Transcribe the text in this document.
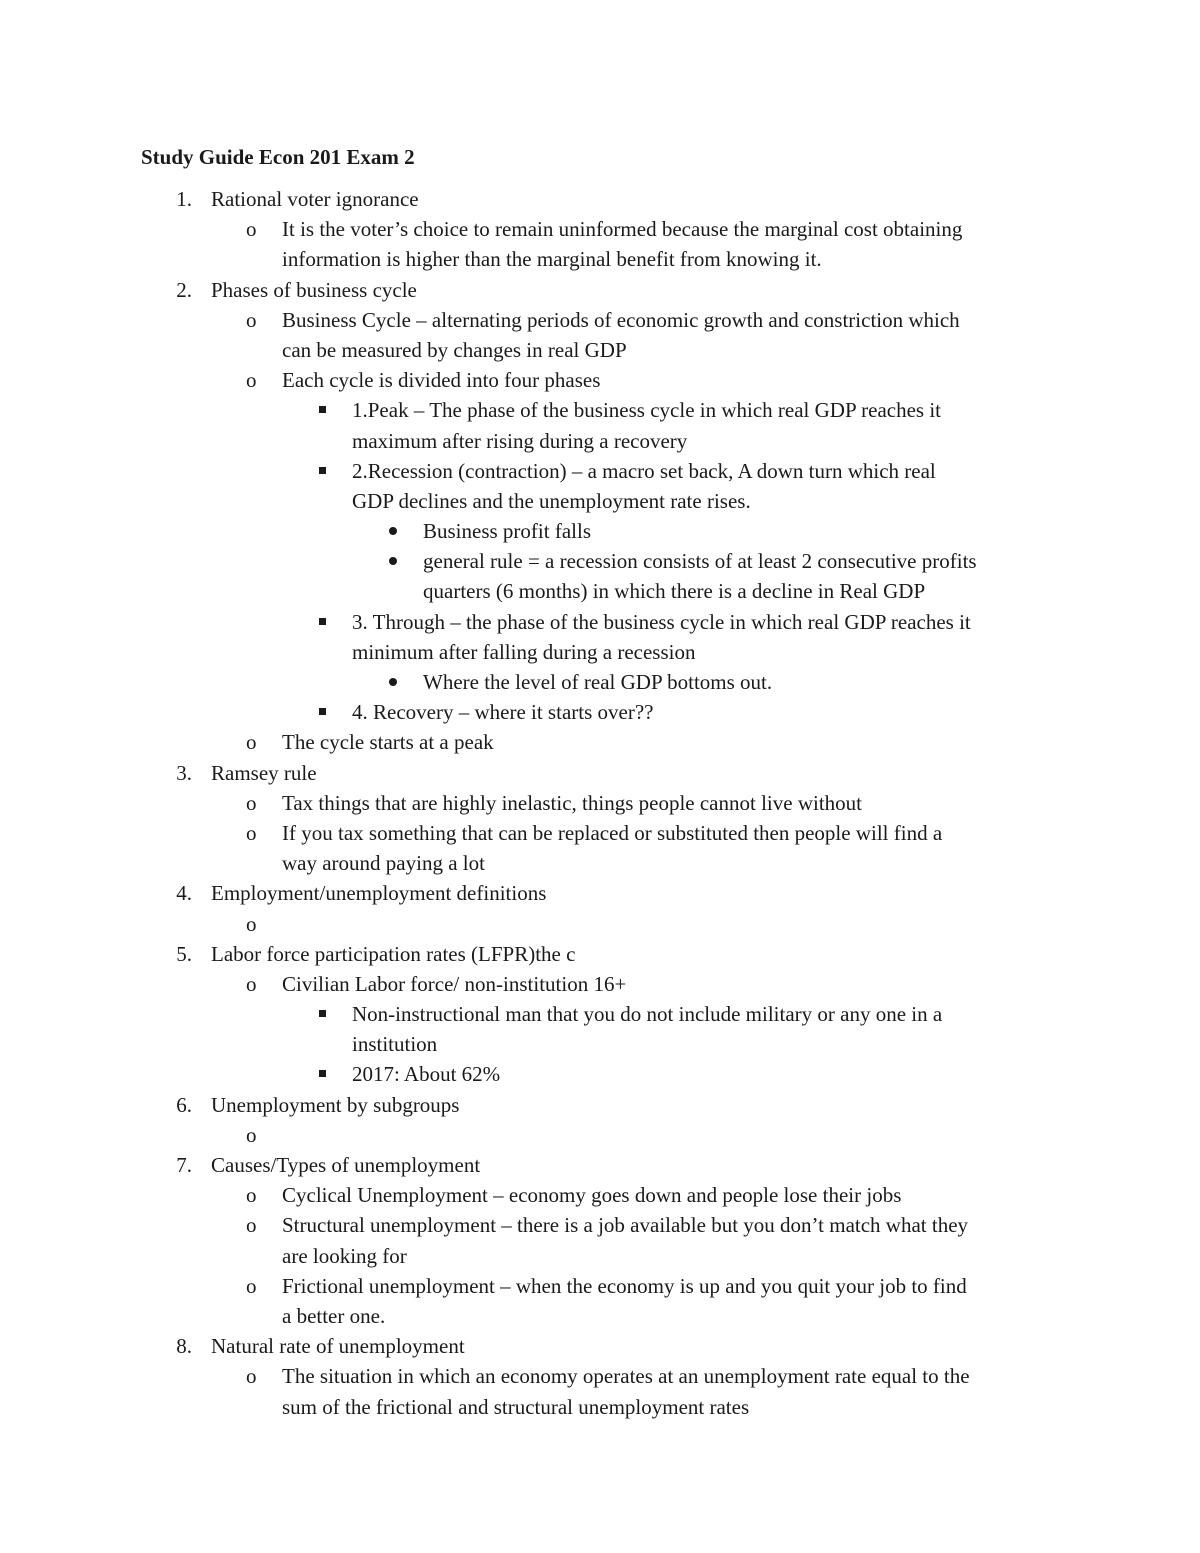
Study Guide Econ 201 Exam 2
1. Rational voter ignorance
o It is the voter’s choice to remain uninformed because the marginal cost obtaining
information is higher than the marginal benefit from knowing it.
2. Phases of business cycle
o Business Cycle – alternating periods of economic growth and constriction which
can be measured by changes in real GDP
o Each cycle is divided into four phases
1.Peak – The phase of the business cycle in which real GDP reaches it
maximum after rising during a recovery
2.Recession (contraction) – a macro set back, A down turn which real
GDP declines and the unemployment rate rises.
Business profit falls
general rule = a recession consists of at least 2 consecutive profits
quarters (6 months) in which there is a decline in Real GDP
3. Through – the phase of the business cycle in which real GDP reaches it
minimum after falling during a recession
Where the level of real GDP bottoms out.
4. Recovery – where it starts over??
o The cycle starts at a peak
3. Ramsey rule
o Tax things that are highly inelastic, things people cannot live without
o If you tax something that can be replaced or substituted then people will find a
way around paying a lot
4. Employment/unemployment definitions
o
5. Labor force participation rates (LFPR)the c
o Civilian Labor force/ non-institution 16+
Non-instructional man that you do not include military or any one in a
institution
2017: About 62%
6. Unemployment by subgroups
o
7. Causes/Types of unemployment
o Cyclical Unemployment – economy goes down and people lose their jobs
o Structural unemployment – there is a job available but you don’t match what they
are looking for
o Frictional unemployment – when the economy is up and you quit your job to find
a better one.
8. Natural rate of unemployment
o The situation in which an economy operates at an unemployment rate equal to the
sum of the frictional and structural unemployment rates
